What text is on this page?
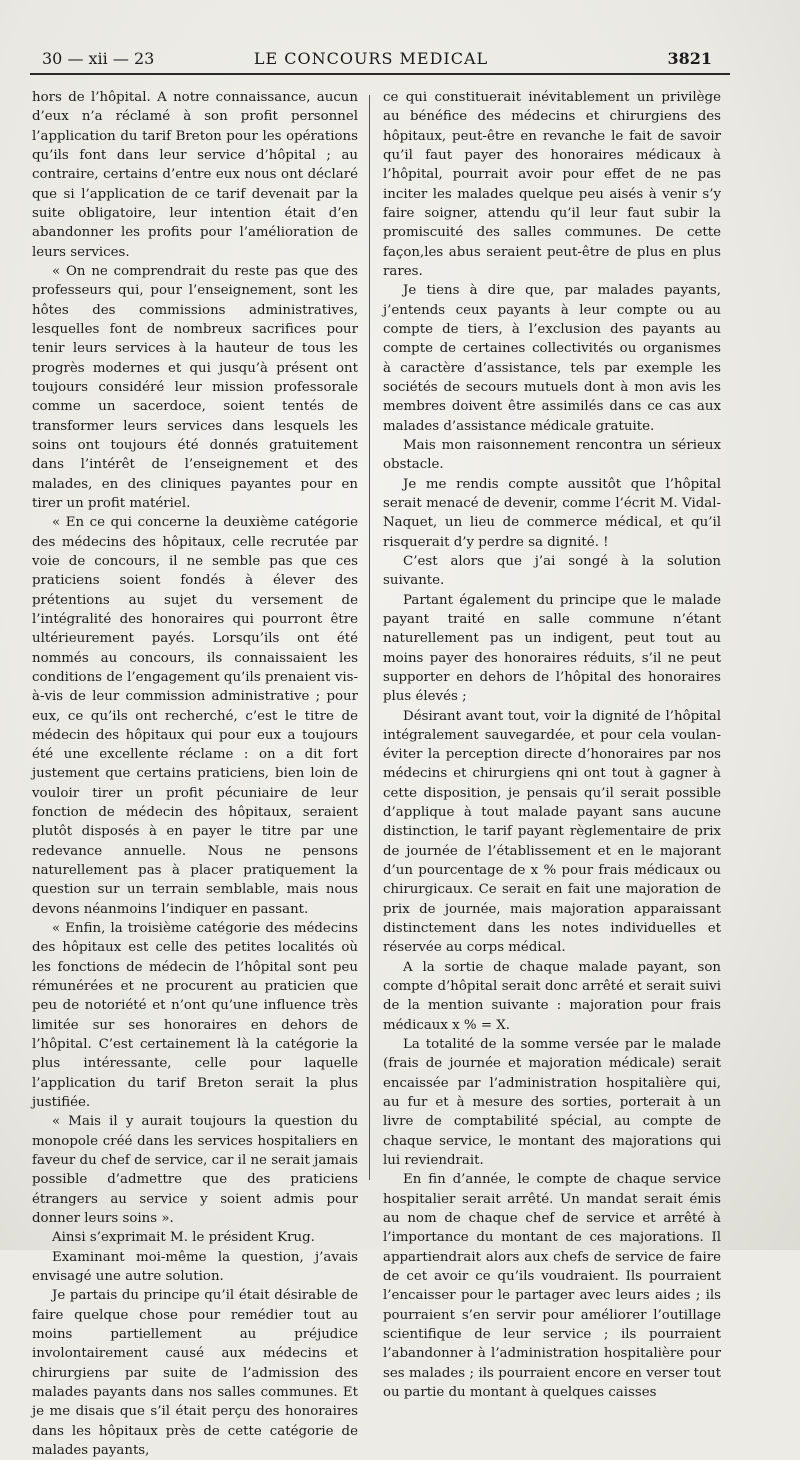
30 — xii — 23	LE CONCOURS MEDICAL	3821

hors de l’hôpital. A notre connaissance, aucun d’eux n’a réclamé à son profit personnel l’application du tarif Breton pour les opérations qu’ils font dans leur service d’hôpital ; au contraire, certains d’entre eux nous ont déclaré que si l’application de ce tarif devenait par la suite obligatoire, leur intention était d’en abandonner les profits pour l’amélioration de leurs services.

« On ne comprendrait du reste pas que des professeurs qui, pour l’enseignement, sont les hôtes des commissions administratives, lesquelles font de nombreux sacrifices pour tenir leurs services à la hauteur de tous les progrès modernes et qui jusqu’à présent ont toujours considéré leur mission professorale comme un sacerdoce, soient tentés de transformer leurs services dans lesquels les soins ont toujours été donnés gratuitement dans l’intérêt de l’enseignement et des malades, en des cliniques payantes pour en tirer un profit matériel.

« En ce qui concerne la deuxième catégorie des médecins des hôpitaux, celle recrutée par voie de concours, il ne semble pas que ces praticiens soient fondés à élever des prétentions au sujet du versement de l’intégralité des honoraires qui pourront être ultérieurement payés. Lorsqu’ils ont été nommés au concours, ils connaissaient les conditions de l’engagement qu’ils prenaient vis-à-vis de leur commission administrative ; pour eux, ce qu’ils ont recherché, c’est le titre de médecin des hôpitaux qui pour eux a toujours été une excellente réclame : on a dit fort justement que certains praticiens, bien loin de vouloir tirer un profit pécuniaire de leur fonction de médecin des hôpitaux, seraient plutôt disposés à en payer le titre par une redevance annuelle. Nous ne pensons naturellement pas à placer pratiquement la question sur un terrain semblable, mais nous devons néanmoins l’indiquer en passant.

« Enfin, la troisième catégorie des médecins des hôpitaux est celle des petites localités où les fonctions de médecin de l’hôpital sont peu rémunérées et ne procurent au praticien que peu de notoriété et n’ont qu’une influence très limitée sur ses honoraires en dehors de l’hôpital. C’est certainement là la catégorie la plus intéressante, celle pour laquelle l’application du tarif Breton serait la plus justifiée.

« Mais il y aurait toujours la question du monopole créé dans les services hospitaliers en faveur du chef de service, car il ne serait jamais possible d’admettre que des praticiens étrangers au service y soient admis pour donner leurs soins ».

Ainsi s’exprimait M. le président Krug.

Examinant moi-même la question, j’avais envisagé une autre solution.

Je partais du principe qu’il était désirable de faire quelque chose pour remédier tout au moins partiellement au préjudice involontairement causé aux médecins et chirurgiens par suite de l’admission des malades payants dans nos salles communes. Et je me disais que s’il était perçu des honoraires dans les hôpitaux près de cette catégorie de malades payants,

ce qui constituerait inévitablement un privilège au bénéfice des médecins et chirurgiens des hôpitaux, peut-être en revanche le fait de savoir qu’il faut payer des honoraires médicaux à l’hôpital, pourrait avoir pour effet de ne pas inciter les malades quelque peu aisés à venir s’y faire soigner, attendu qu’il leur faut subir la promiscuité des salles communes. De cette façon,les abus seraient peut-être de plus en plus rares.

Je tiens à dire que, par malades payants, j’entends ceux payants à leur compte ou au compte de tiers, à l’exclusion des payants au compte de certaines collectivités ou organismes à caractère d’assistance, tels par exemple les sociétés de secours mutuels dont à mon avis les membres doivent être assimilés dans ce cas aux malades d’assistance médicale gratuite.

Mais mon raisonnement rencontra un sérieux obstacle.

Je me rendis compte aussitôt que l’hôpital serait menacé de devenir, comme l’écrit M. Vidal-Naquet, un lieu de commerce médical, et qu’il risquerait d’y perdre sa dignité. !

C’est alors que j’ai songé à la solution suivante.

Partant également du principe que le malade payant traité en salle commune n’étant naturellement pas un indigent, peut tout au moins payer des honoraires réduits, s’il ne peut supporter en dehors de l’hôpital des honoraires plus élevés ;

Désirant avant tout, voir la dignité de l’hôpital intégralement sauvegardée, et pour cela voulan- éviter la perception directe d’honoraires par nos médecins et chirurgiens qni ont tout à gagner à cette disposition, je pensais qu’il serait possible d’applique à tout malade payant sans aucune distinction, le tarif payant règlementaire de prix de journée de l’établissement et en le majorant d’un pourcentage de x % pour frais médicaux ou chirurgicaux. Ce serait en fait une majoration de prix de journée, mais majoration apparaissant distinctement dans les notes individuelles et réservée au corps médical.

A la sortie de chaque malade payant, son compte d’hôpital serait donc arrêté et serait suivi de la mention suivante : majoration pour frais médicaux x % = X.

La totalité de la somme versée par le malade (frais de journée et majoration médicale) serait encaissée par l’administration hospitalière qui, au fur et à mesure des sorties, porterait à un livre de comptabilité spécial, au compte de chaque service, le montant des majorations qui lui reviendrait.

En fin d’année, le compte de chaque service hospitalier serait arrêté. Un mandat serait émis au nom de chaque chef de service et arrêté à l’importance du montant de ces majorations. Il appartiendrait alors aux chefs de service de faire de cet avoir ce qu’ils voudraient. Ils pourraient l’encaisser pour le partager avec leurs aides ; ils pourraient s’en servir pour améliorer l’outillage scientifique de leur service ; ils pourraient l’abandonner à l’administration hospitalière pour ses malades ; ils pourraient encore en verser tout ou partie du montant à quelques caisses
